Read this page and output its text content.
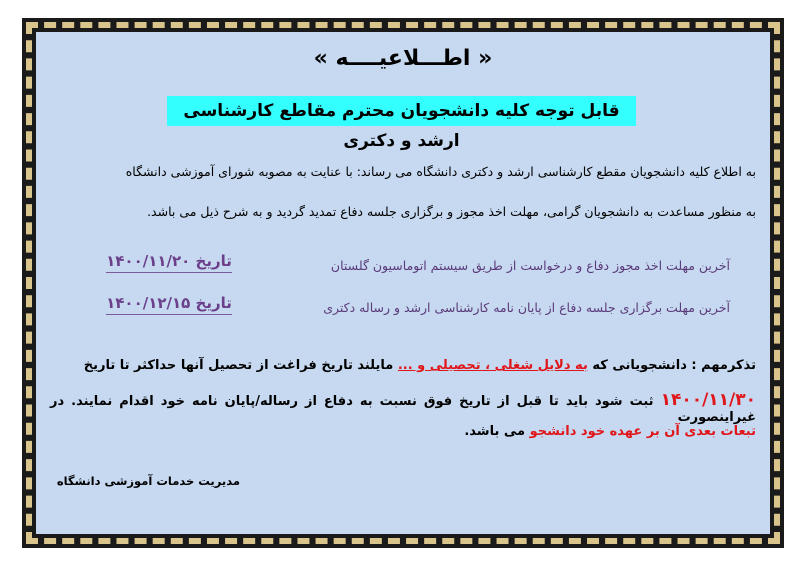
« اطـــلاعیــــه »
قابل توجه کلیه دانشجویان محترم مقاطع کارشناسی ارشد و دکتری
به اطلاع کلیه دانشجویان مقطع کارشناسی ارشد و دکتری دانشگاه می رساند: با عنایت به مصوبه شورای آموزشی دانشگاه
به منظور مساعدت به دانشجویان گرامی، مهلت اخذ مجوز و برگزاری جلسه دفاع تمدید گردید و به شرح ذیل می باشد.
آخرین مهلت اخذ مجوز دفاع و درخواست از طریق سیستم اتوماسیون گلستان
تاریخ ۱۴۰۰/۱۱/۲۰
آخرین مهلت برگزاری جلسه دفاع از پایان نامه کارشناسی ارشد و رساله دکتری
تاریخ ۱۴۰۰/۱۲/۱۵
تذکرمهم : دانشجویانی که به دلایل شغلی ، تحصیلی و ... مایلند تاریخ فراغت از تحصیل آنها حداکثر تا تاریخ
۱۴۰۰/۱۱/۳۰ ثبت شود باید تا قبل از تاریخ فوق نسبت به دفاع از رساله/پایان نامه خود اقدام نمایند. در غیراینصورت
تبعات بعدی آن بر عهده خود دانشجو می باشد.
مدیریت خدمات آموزشی دانشگاه
